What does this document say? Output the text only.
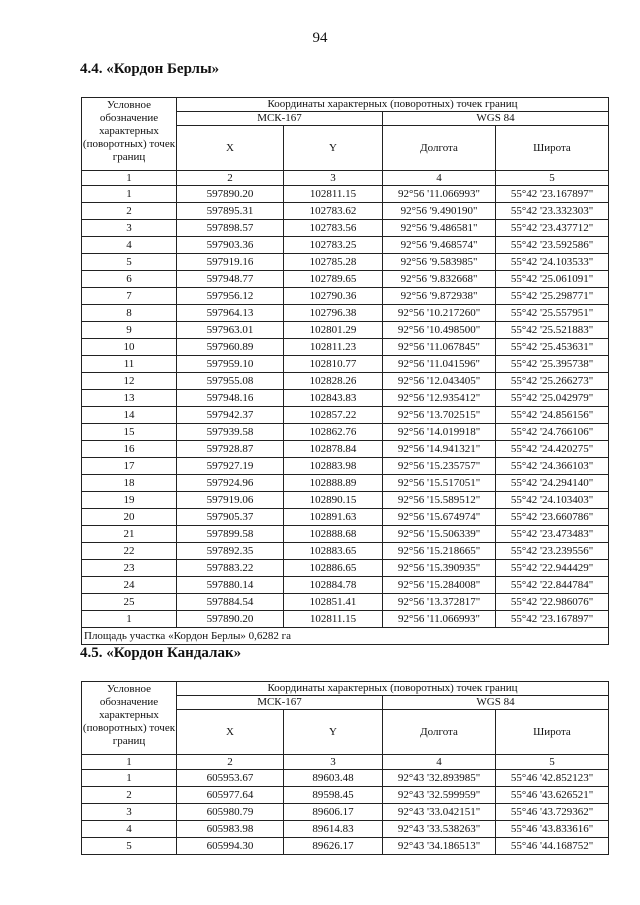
94
4.4. «Кордон Берлы»
Условное обозначение характерных (поворотных) точек границ	Координаты характерных (поворотных) точек границ			
	МСК-167		WGS 84	
	X	Y	Долгота	Широта
1	2	3	4	5
1	597890.20	102811.15	92°56 '11.066993"	55°42 '23.167897"
2	597895.31	102783.62	92°56 '9.490190"	55°42 '23.332303"
3	597898.57	102783.56	92°56 '9.486581"	55°42 '23.437712"
4	597903.36	102783.25	92°56 '9.468574"	55°42 '23.592586"
5	597919.16	102785.28	92°56 '9.583985"	55°42 '24.103533"
6	597948.77	102789.65	92°56 '9.832668"	55°42 '25.061091"
7	597956.12	102790.36	92°56 '9.872938"	55°42 '25.298771"
8	597964.13	102796.38	92°56 '10.217260"	55°42 '25.557951"
9	597963.01	102801.29	92°56 '10.498500"	55°42 '25.521883"
10	597960.89	102811.23	92°56 '11.067845"	55°42 '25.453631"
11	597959.10	102810.77	92°56 '11.041596"	55°42 '25.395738"
12	597955.08	102828.26	92°56 '12.043405"	55°42 '25.266273"
13	597948.16	102843.83	92°56 '12.935412"	55°42 '25.042979"
14	597942.37	102857.22	92°56 '13.702515"	55°42 '24.856156"
15	597939.58	102862.76	92°56 '14.019918"	55°42 '24.766106"
16	597928.87	102878.84	92°56 '14.941321"	55°42 '24.420275"
17	597927.19	102883.98	92°56 '15.235757"	55°42 '24.366103"
18	597924.96	102888.89	92°56 '15.517051"	55°42 '24.294140"
19	597919.06	102890.15	92°56 '15.589512"	55°42 '24.103403"
20	597905.37	102891.63	92°56 '15.674974"	55°42 '23.660786"
21	597899.58	102888.68	92°56 '15.506339"	55°42 '23.473483"
22	597892.35	102883.65	92°56 '15.218665"	55°42 '23.239556"
23	597883.22	102886.65	92°56 '15.390935"	55°42 '22.944429"
24	597880.14	102884.78	92°56 '15.284008"	55°42 '22.844784"
25	597884.54	102851.41	92°56 '13.372817"	55°42 '22.986076"
1	597890.20	102811.15	92°56 '11.066993"	55°42 '23.167897"
Площадь участка «Кордон Берлы» 0,6282 га				
4.5. «Кордон Кандалак»
Условное обозначение характерных (поворотных) точек границ	Координаты характерных (поворотных) точек границ			
	МСК-167		WGS 84	
	X	Y	Долгота	Широта
1	2	3	4	5
1	605953.67	89603.48	92°43 '32.893985"	55°46 '42.852123"
2	605977.64	89598.45	92°43 '32.599959"	55°46 '43.626521"
3	605980.79	89606.17	92°43 '33.042151"	55°46 '43.729362"
4	605983.98	89614.83	92°43 '33.538263"	55°46 '43.833616"
5	605994.30	89626.17	92°43 '34.186513"	55°46 '44.168752"
